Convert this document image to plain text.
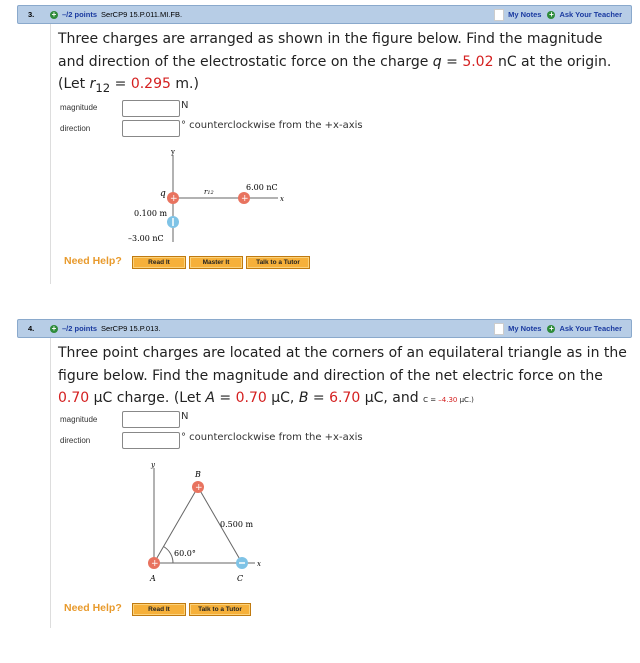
3.	+ –/2 points SerCP9 15.P.011.MI.FB.	My Notes + Ask Your Teacher
Three charges are arranged as shown in the figure below. Find the magnitude and direction of the electrostatic force on the charge q = 5.02 nC at the origin. (Let $r_{12} = 0.295$ m.)
magnitude	N
direction	° counterclockwise from the +x-axis
y
x
q	r12
6.00 nC
0.100 m
–3.00 nC
+	+
Need Help?	Read It	Master It	Talk to a Tutor
4.	+ –/2 points SerCP9 15.P.013.	My Notes + Ask Your Teacher
Three point charges are located at the corners of an equilateral triangle as in the figure below. Find the magnitude and direction of the net electric force on the 0.70 μC charge. (Let A = 0.70 μC, B = 6.70 μC, and C = –4.30 μC.)
magnitude	N
direction	° counterclockwise from the +x-axis
y
x
B
A	C
0.500 m
60.0°
+
+
Need Help?	Read It	Talk to a Tutor
